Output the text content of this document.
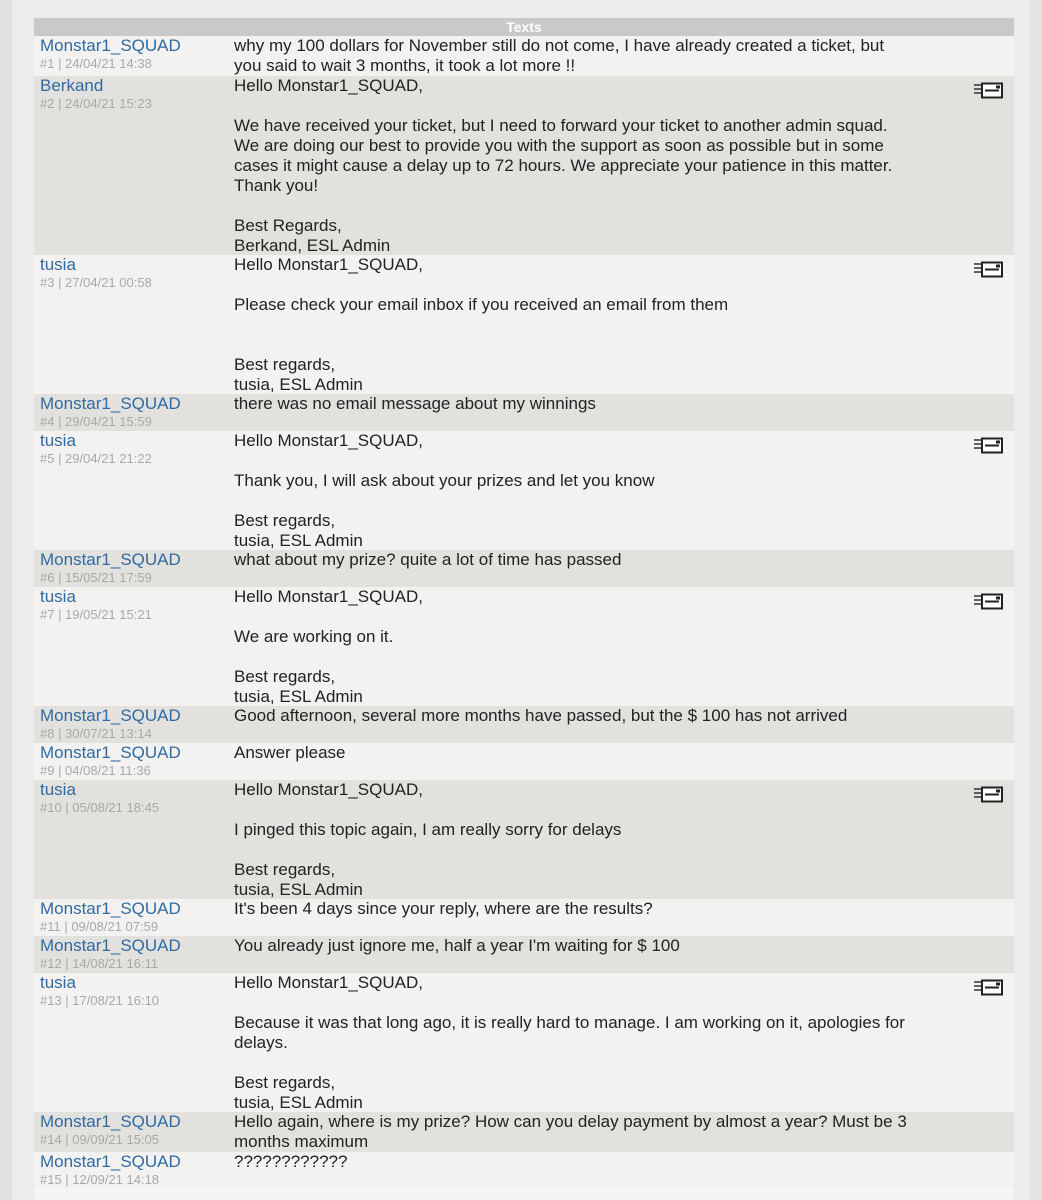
Texts
Monstar1_SQUAD
#1 | 24/04/21 14:38
why my 100 dollars for November still do not come, I have already created a ticket, but you said to wait 3 months, it took a lot more !!
Berkand
#2 | 24/04/21 15:23
Hello Monstar1_SQUAD,

We have received your ticket, but I need to forward your ticket to another admin squad.
We are doing our best to provide you with the support as soon as possible but in some cases it might cause a delay up to 72 hours. We appreciate your patience in this matter.
Thank you!

Best Regards,
Berkand, ESL Admin
tusia
#3 | 27/04/21 00:58
Hello Monstar1_SQUAD,

Please check your email inbox if you received an email from them

Best regards,
tusia, ESL Admin
Monstar1_SQUAD
#4 | 29/04/21 15:59
there was no email message about my winnings
tusia
#5 | 29/04/21 21:22
Hello Monstar1_SQUAD,

Thank you, I will ask about your prizes and let you know

Best regards,
tusia, ESL Admin
Monstar1_SQUAD
#6 | 15/05/21 17:59
what about my prize? quite a lot of time has passed
tusia
#7 | 19/05/21 15:21
Hello Monstar1_SQUAD,

We are working on it.

Best regards,
tusia, ESL Admin
Monstar1_SQUAD
#8 | 30/07/21 13:14
Good afternoon, several more months have passed, but the $ 100 has not arrived
Monstar1_SQUAD
#9 | 04/08/21 11:36
Answer please
tusia
#10 | 05/08/21 18:45
Hello Monstar1_SQUAD,

I pinged this topic again, I am really sorry for delays

Best regards,
tusia, ESL Admin
Monstar1_SQUAD
#11 | 09/08/21 07:59
It's been 4 days since your reply, where are the results?
Monstar1_SQUAD
#12 | 14/08/21 16:11
You already just ignore me, half a year I'm waiting for $ 100
tusia
#13 | 17/08/21 16:10
Hello Monstar1_SQUAD,

Because it was that long ago, it is really hard to manage. I am working on it, apologies for delays.

Best regards,
tusia, ESL Admin
Monstar1_SQUAD
#14 | 09/09/21 15:05
Hello again, where is my prize? How can you delay payment by almost a year? Must be 3 months maximum
Monstar1_SQUAD
#15 | 12/09/21 14:18
????????????
